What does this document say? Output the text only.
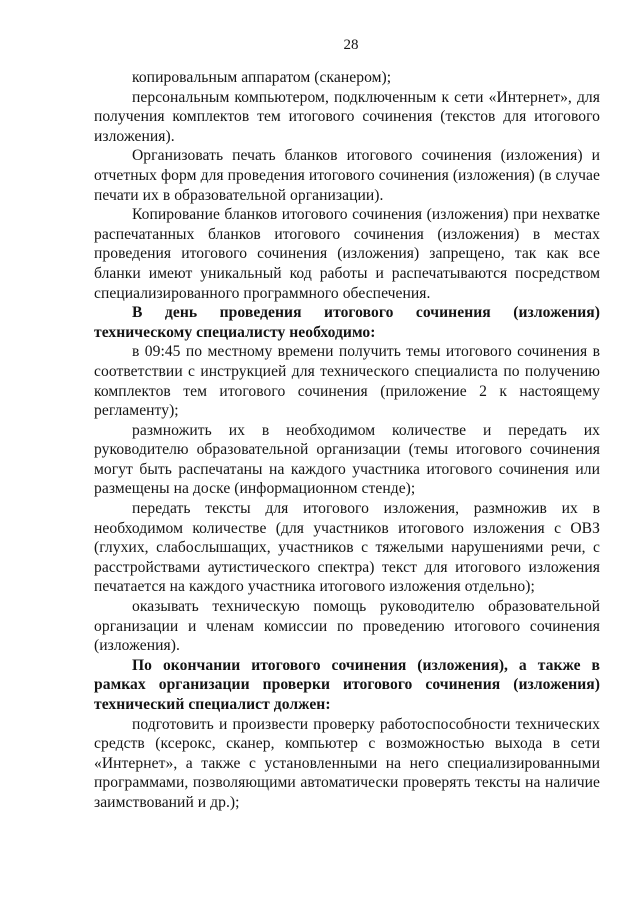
28

копировальным аппаратом (сканером);

персональным компьютером, подключенным к сети «Интернет», для получения комплектов тем итогового сочинения (текстов для итогового изложения).

Организовать печать бланков итогового сочинения (изложения) и отчетных форм для проведения итогового сочинения (изложения) (в случае печати их в образовательной организации).

Копирование бланков итогового сочинения (изложения) при нехватке распечатанных бланков итогового сочинения (изложения) в местах проведения итогового сочинения (изложения) запрещено, так как все бланки имеют уникальный код работы и распечатываются посредством специализированного программного обеспечения.

В день проведения итогового сочинения (изложения) техническому специалисту необходимо:

в 09:45 по местному времени получить темы итогового сочинения в соответствии с инструкцией для технического специалиста по получению комплектов тем итогового сочинения (приложение 2 к настоящему регламенту);

размножить их в необходимом количестве и передать их руководителю образовательной организации (темы итогового сочинения могут быть распечатаны на каждого участника итогового сочинения или размещены на доске (информационном стенде);

передать тексты для итогового изложения, размножив их в необходимом количестве (для участников итогового изложения с ОВЗ (глухих, слабослышащих, участников с тяжелыми нарушениями речи, с расстройствами аутистического спектра) текст для итогового изложения печатается на каждого участника итогового изложения отдельно);

оказывать техническую помощь руководителю образовательной организации и членам комиссии по проведению итогового сочинения (изложения).

По окончании итогового сочинения (изложения), а также в рамках организации проверки итогового сочинения (изложения) технический специалист должен:

подготовить и произвести проверку работоспособности технических средств (ксерокс, сканер, компьютер с возможностью выхода в сети «Интернет», а также с установленными на него специализированными программами, позволяющими автоматически проверять тексты на наличие заимствований и др.);
